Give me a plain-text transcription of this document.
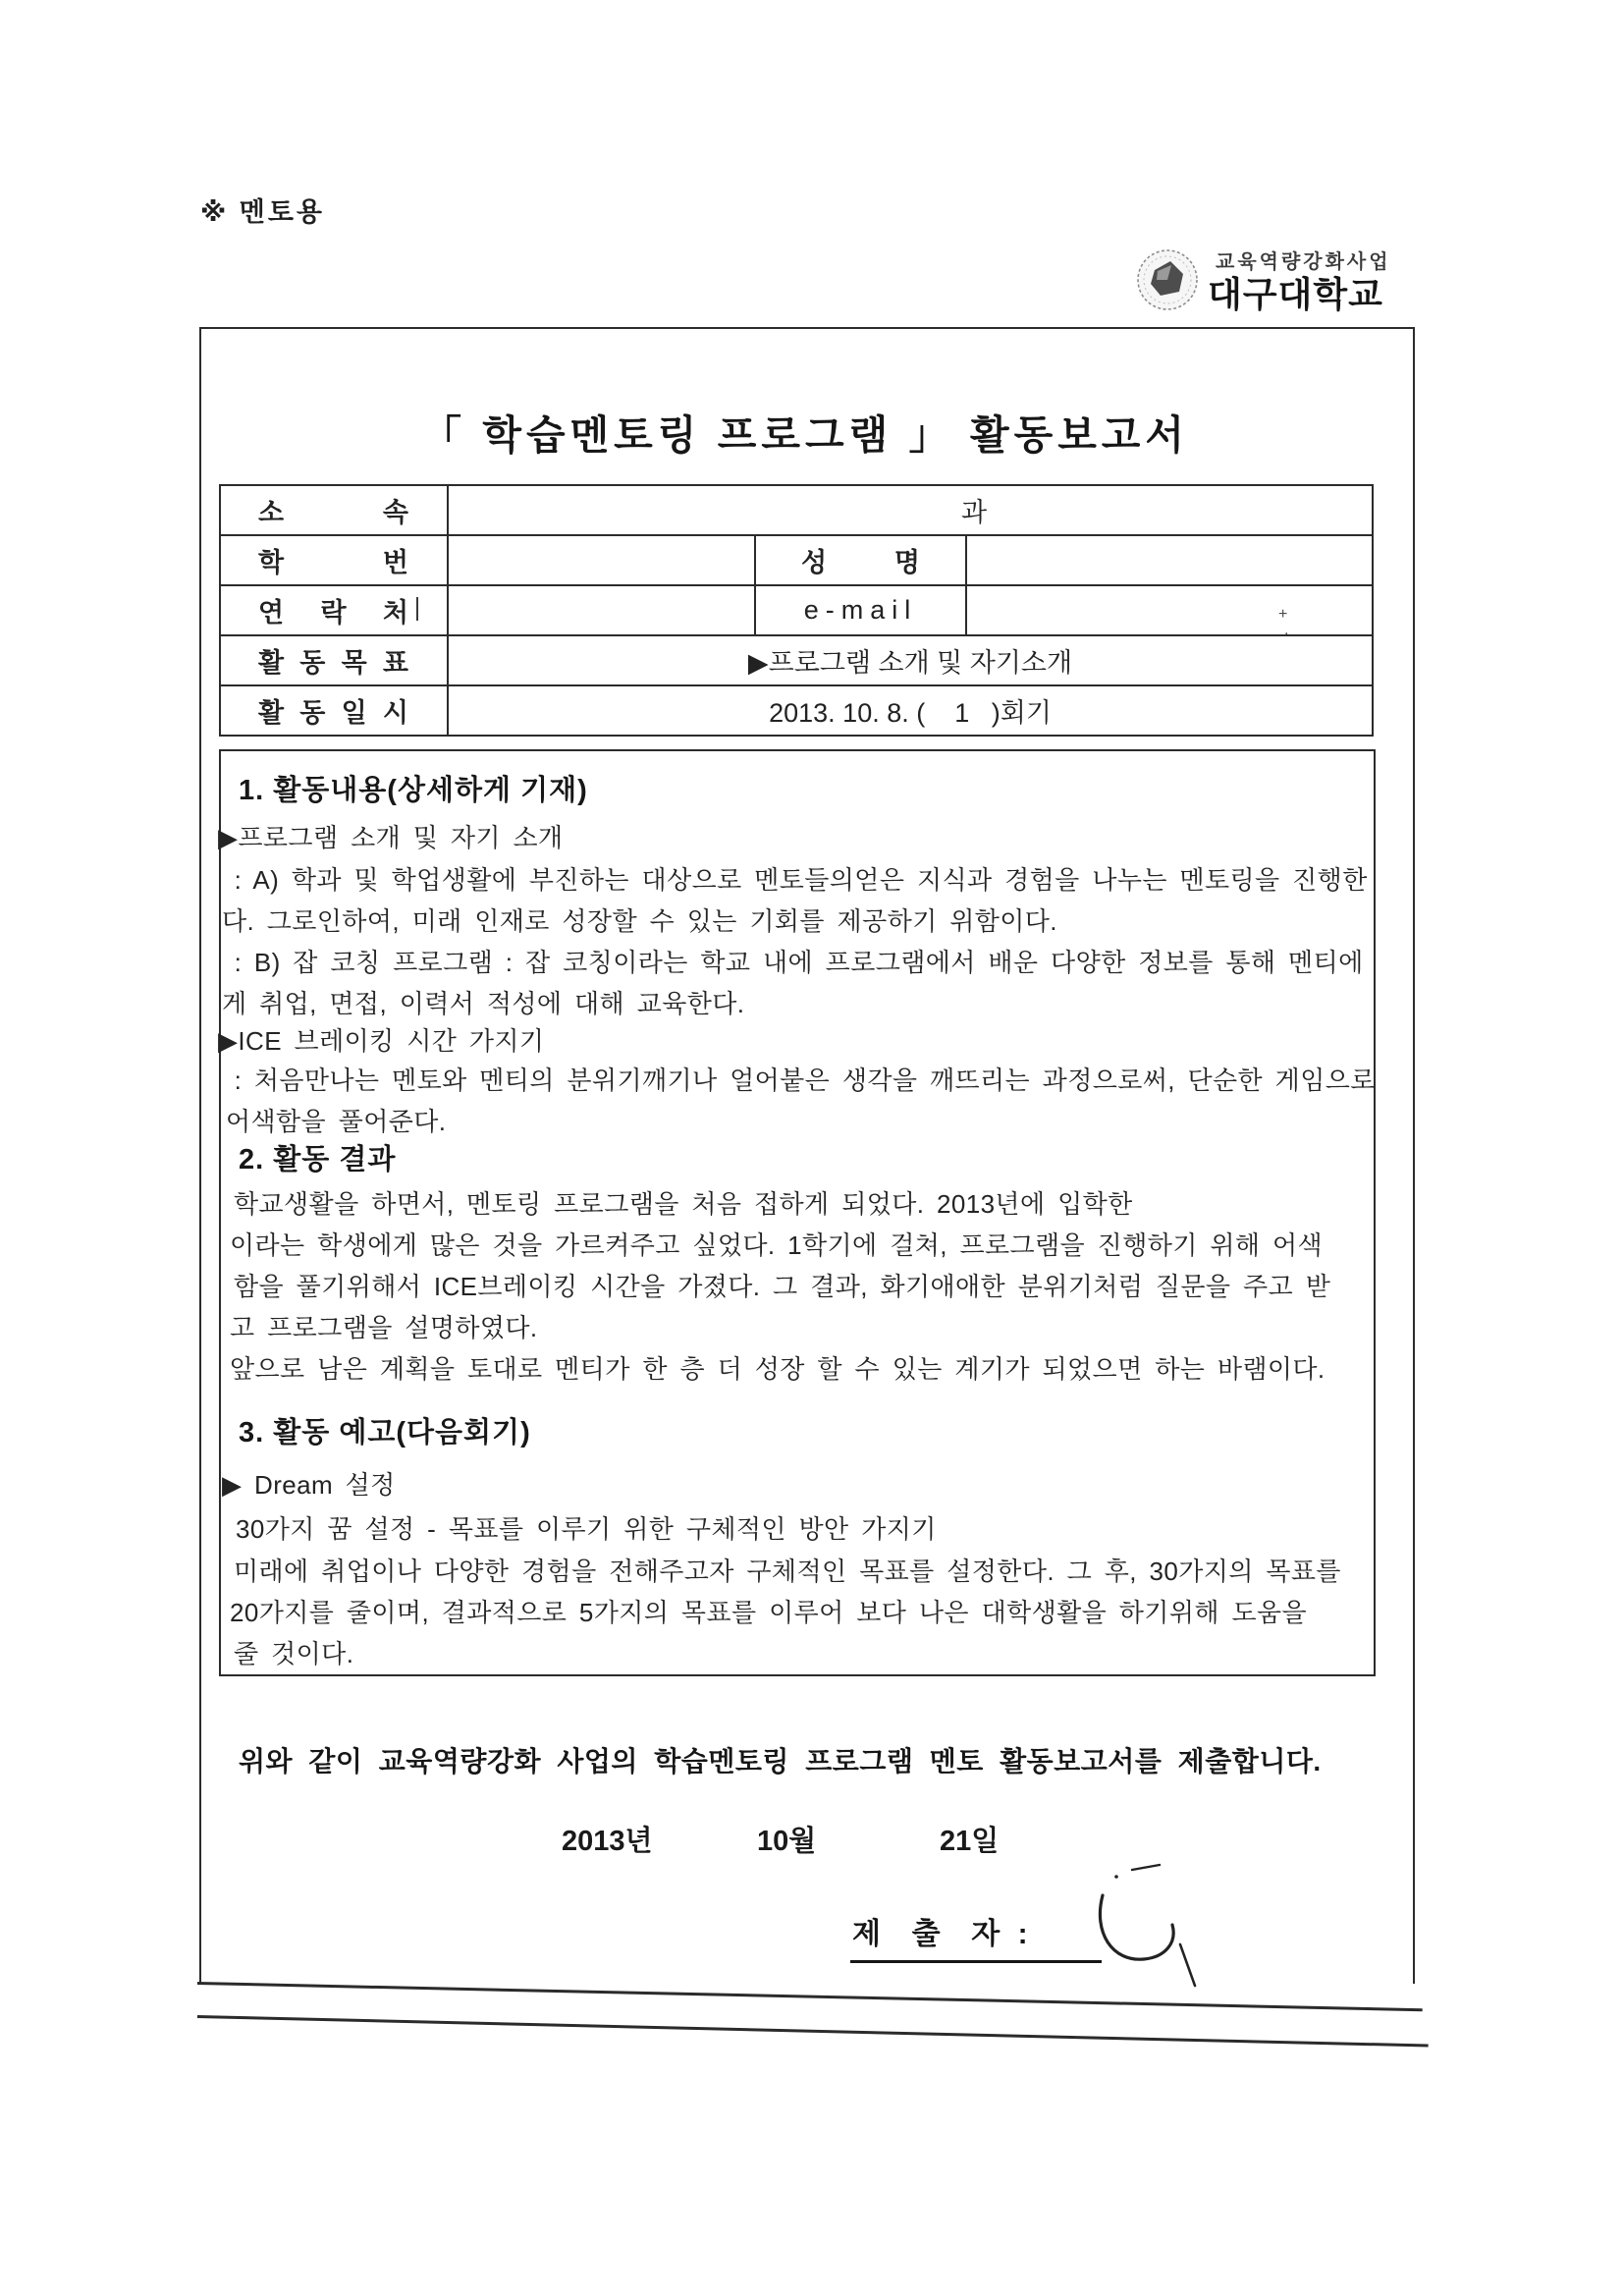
※ 멘토용
교육역량강화사업
대구대학교
「 학습멘토링 프로그램 」 활동보고서
소 속	과		
학 번		성 명	
연 락 처		e-mail	
활 동 목 표	▶프로그램 소개 및 자기소개		
활 동 일 시	2013. 10. 8. (    1   )회기		
+
.
1. 활동내용(상세하게 기재)
▶프로그램 소개 및 자기 소개
: A) 학과 및 학업생활에 부진하는 대상으로 멘토들의얻은 지식과 경험을 나누는 멘토링을 진행한
다. 그로인하여, 미래 인재로 성장할 수 있는 기회를 제공하기 위함이다.
: B) 잡 코칭 프로그램 : 잡 코칭이라는 학교 내에 프로그램에서 배운 다양한 정보를 통해 멘티에
게 취업, 면접, 이력서 적성에 대해 교육한다.
▶ICE 브레이킹 시간 가지기
: 처음만나는 멘토와 멘티의 분위기깨기나 얼어붙은 생각을 깨뜨리는 과정으로써, 단순한 게임으로
어색함을 풀어준다.
2. 활동 결과
학교생활을 하면서, 멘토링 프로그램을 처음 접하게 되었다. 2013년에 입학한
이라는 학생에게 많은 것을 가르켜주고 싶었다. 1학기에 걸쳐, 프로그램을 진행하기 위해 어색
함을 풀기위해서 ICE브레이킹 시간을 가졌다. 그 결과, 화기애애한 분위기처럼 질문을 주고 받
고 프로그램을 설명하였다.
앞으로 남은 계획을 토대로 멘티가 한 층 더 성장 할 수 있는 계기가 되었으면 하는 바램이다.
3. 활동 예고(다음회기)
▶ Dream 설정
30가지 꿈 설정 - 목표를 이루기 위한 구체적인 방안 가지기
미래에 취업이나 다양한 경험을 전해주고자 구체적인 목표를 설정한다. 그 후, 30가지의 목표를
20가지를 줄이며, 결과적으로 5가지의 목표를 이루어 보다 나은 대학생활을 하기위해 도움을
줄 것이다.
위와 같이 교육역량강화 사업의 학습멘토링 프로그램 멘토 활동보고서를 제출합니다.
2013년	10월	21일
제  출  자 :
